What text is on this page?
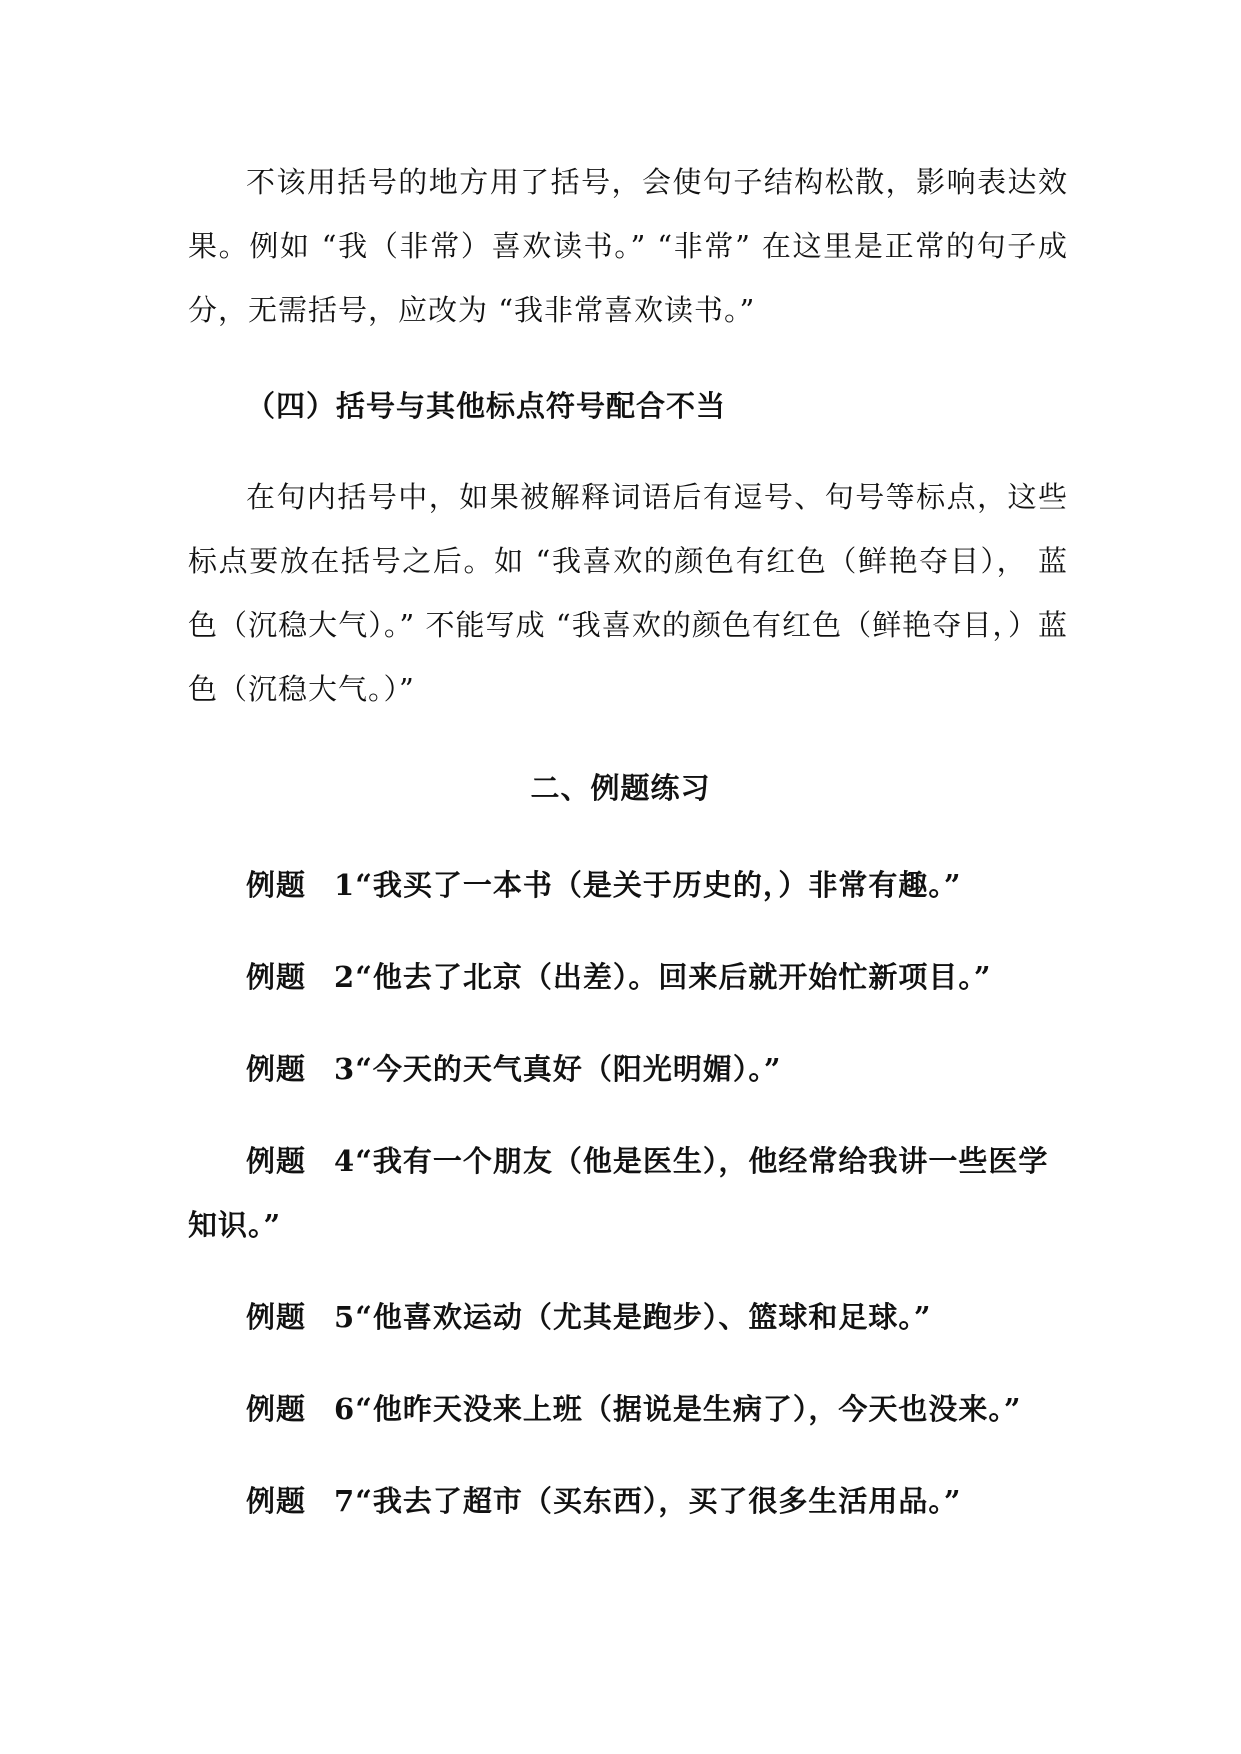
不该用括号的地方用了括号，会使句子结构松散，影响表达效果。例如 “我（非常）喜欢读书。” “非常” 在这里是正常的句子成分，无需括号，应改为 “我非常喜欢读书。”

（四）括号与其他标点符号配合不当

在句内括号中，如果被解释词语后有逗号、句号等标点，这些标点要放在括号之后。如 “我喜欢的颜色有红色（鲜艳夺目）， 蓝色（沉稳大气）。” 不能写成 “我喜欢的颜色有红色（鲜艳夺目，）蓝色（沉稳大气。）”

二、例题练习

例题 1“我买了一本书（是关于历史的，）非常有趣。”

例题 2“他去了北京（出差）。回来后就开始忙新项目。”

例题 3“今天的天气真好（阳光明媚）。”

例题 4“我有一个朋友（他是医生），他经常给我讲一些医学知识。”

例题 5“他喜欢运动（尤其是跑步）、篮球和足球。”

例题 6“他昨天没来上班（据说是生病了），今天也没来。”

例题 7“我去了超市（买东西），买了很多生活用品。”
